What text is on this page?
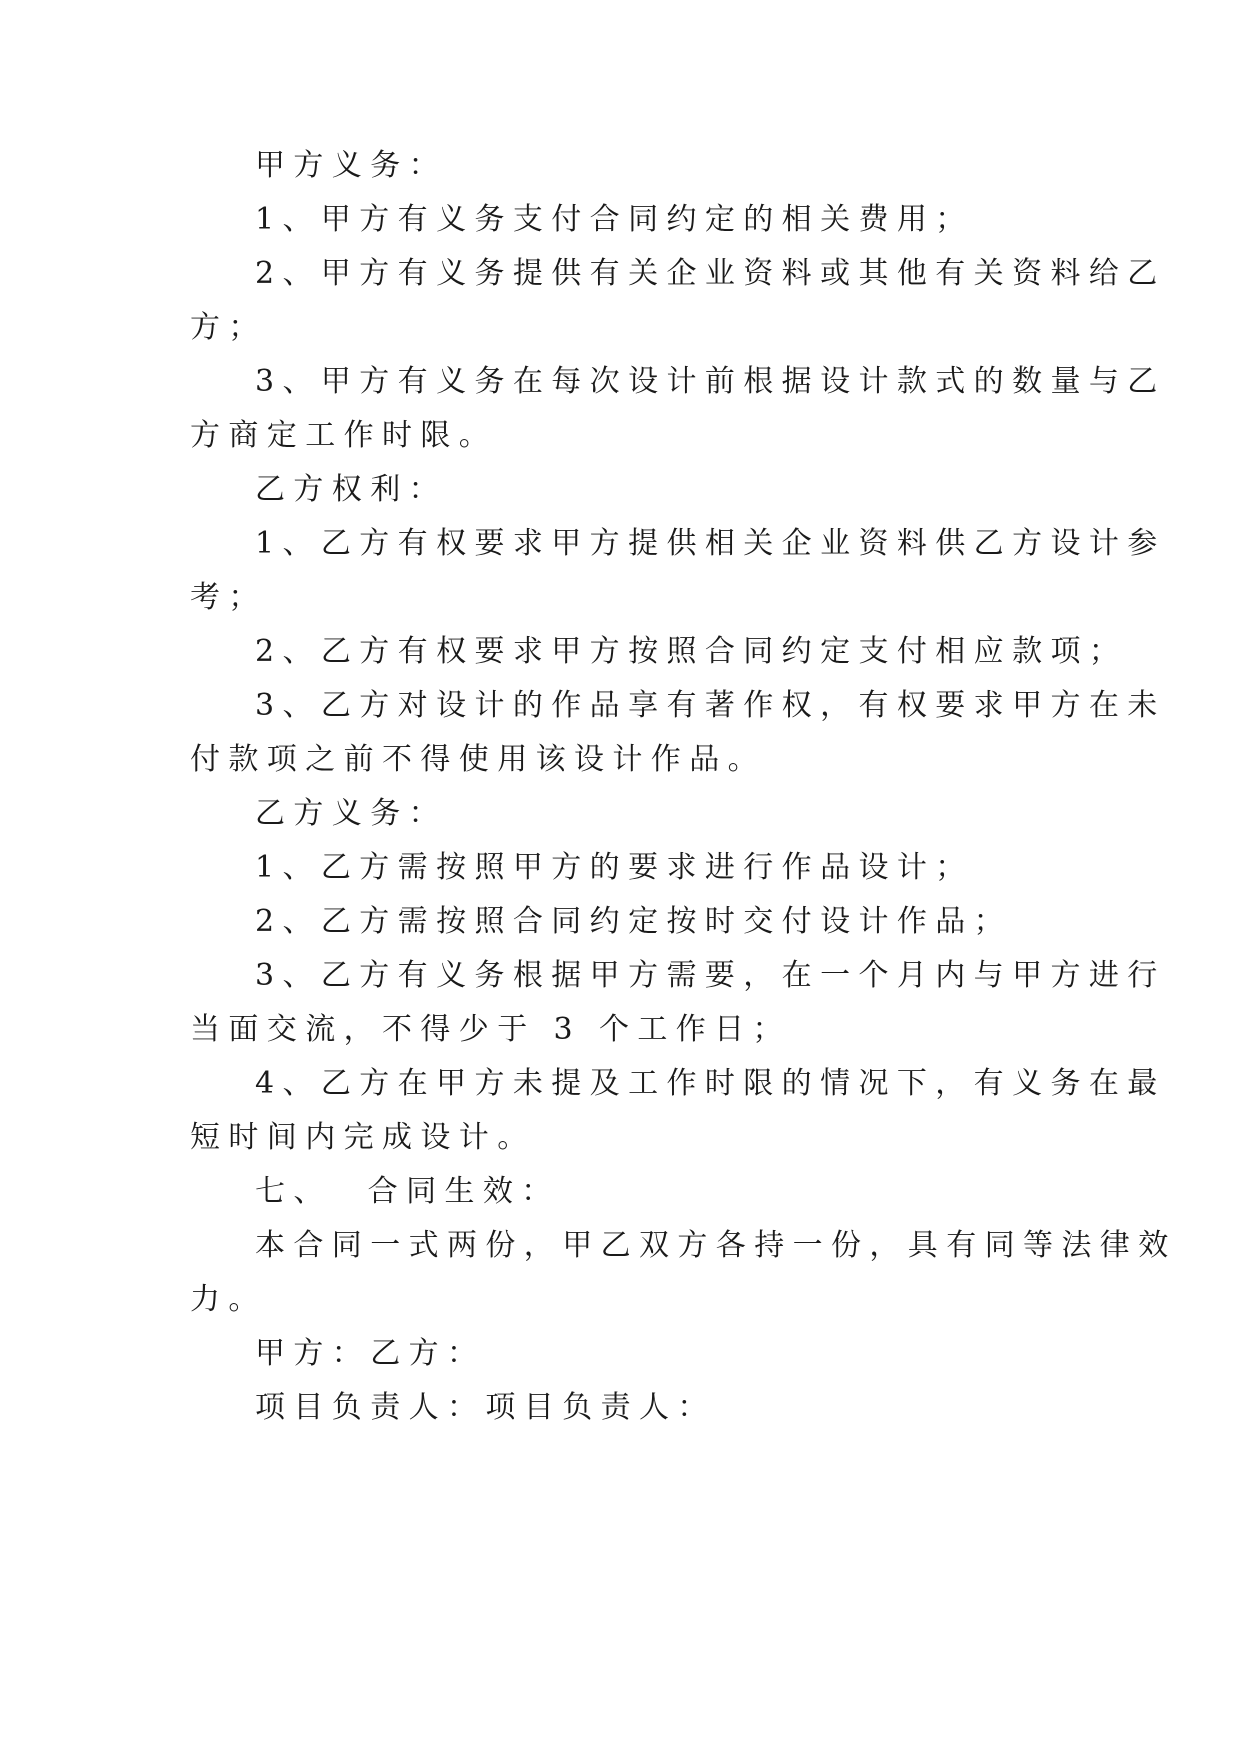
甲方义务：
1、甲方有义务支付合同约定的相关费用；
2、甲方有义务提供有关企业资料或其他有关资料给乙
方；
3、甲方有义务在每次设计前根据设计款式的数量与乙
方商定工作时限。
乙方权利：
1、乙方有权要求甲方提供相关企业资料供乙方设计参
考；
2、乙方有权要求甲方按照合同约定支付相应款项；
3、乙方对设计的作品享有著作权，有权要求甲方在未
付款项之前不得使用该设计作品。
乙方义务：
1、乙方需按照甲方的要求进行作品设计；
2、乙方需按照合同约定按时交付设计作品；
3、乙方有义务根据甲方需要，在一个月内与甲方进行
当面交流，不得少于 3 个工作日；
4、乙方在甲方未提及工作时限的情况下，有义务在最
短时间内完成设计。
七、  合同生效：
本合同一式两份，甲乙双方各持一份，具有同等法律效
力。
甲方：乙方：
项目负责人：项目负责人：
